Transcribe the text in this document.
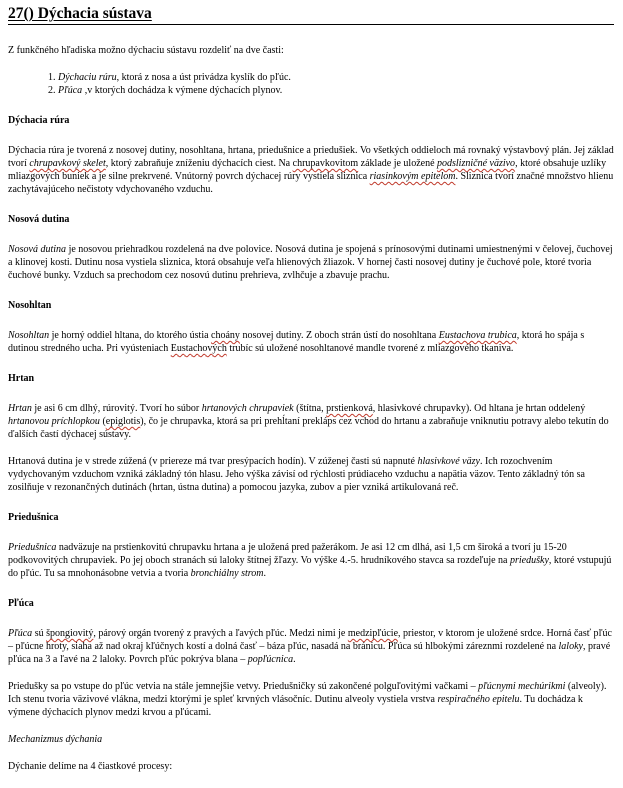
27() Dýchacia sústava

Z funkčného hľadiska možno dýchaciu sústavu rozdeliť na dve časti:

1. Dýchaciu rúru, ktorá z nosa a úst privádza kyslík do pľúc.
2. Pľúca ,v ktorých dochádza k výmene dýchacích plynov.
Dýchacia rúra

Dýchacia rúra je tvorená z nosovej dutiny, nosohltana, hrtana, priedušnice a priedušiek. Vo všetkých oddieloch má rovnaký výstavbový plán. Jej základ tvorí chrupavkový skelet, ktorý zabraňuje zníženiu dýchacích ciest. Na chrupavkovitom základe je uložené podslizničné väzivo, ktoré obsahuje uzlíky mliazgových buniek a je silne prekrvené. Vnútorný povrch dýchacej rúry vystiela sliznica riasinkovým epitelom. Sliznica tvorí značné množstvo hlienu zachytávajúceho nečistoty vdychovaného vzduchu.

Nosová dutina

Nosová dutina je nosovou priehradkou rozdelená na dve polovice. Nosová dutina je spojená s prínosovými dutinami umiestnenými v čelovej, čuchovej a klinovej kosti. Dutinu nosa vystiela sliznica, ktorá obsahuje veľa hlienových žliazok. V hornej časti nosovej dutiny je čuchové pole, ktoré tvoria čuchové bunky. Vzduch sa prechodom cez nosovú dutinu prehrieva, zvlhčuje a zbavuje prachu.

Nosohltan

Nosohltan je horný oddiel hltana, do ktorého ústia choány nosovej dutiny. Z oboch strán ústí do nosohltana Eustachova trubica, ktorá ho spája s dutinou stredného ucha. Pri vyústeniach Eustachových trubíc sú uložené nosohltanové mandle tvorené z mliazgového tkaniva.

Hrtan

Hrtan je asi 6 cm dlhý, rúrovitý. Tvorí ho súbor hrtanových chrupaviek (štítna, prstienková, hlasivkové chrupavky). Od hltana je hrtan oddelený hrtanovou príchlopkou (epiglotis), čo je chrupavka, ktorá sa pri prehĺtaní prekláps cez vchod do hrtanu a zabraňuje vniknutiu potravy alebo tekutín do ďalších častí dýchacej sústavy.

Hrtanová dutina je v strede zúžená (v priereze má tvar presýpacích hodín). V zúženej časti sú napnuté hlasivkové väzy. Ich rozochvením vydychovaným vzduchom vzniká základný tón hlasu. Jeho výška závisí od rýchlosti prúdiaceho vzduchu a napätia väzov. Tento základný tón sa zosilňuje v rezonančných dutinách (hrtan, ústna dutina) a pomocou jazyka, zubov a pier vzniká artikulovaná reč.

Priedušnica

Priedušnica nadväzuje na prstienkovitú chrupavku hrtana a je uložená pred pažerákom. Je asi 12 cm dlhá, asi 1,5 cm široká a tvorí ju 15-20 podkovovitých chrupaviek. Po jej oboch stranách sú laloky štítnej žľazy. Vo výške 4.-5. hrudníkového stavca sa rozdeľuje na priedušky, ktoré vstupujú do pľúc. Tu sa mnohonásobne vetvia a tvoria bronchiálny strom.

Pľúca

Pľúca sú špongiovitý, párový orgán tvorený z pravých a ľavých pľúc. Medzi nimi je medzipľúcie, priestor, v ktorom je uložené srdce. Horná časť pľúc – pľúcne hroty, siaha až nad okraj kľúčnych kostí a dolná časť – báza pľúc, nasadá na bránicu. Pľúca sú hlbokými záreznmi rozdelené na laloky, pravé pľúca na 3 a ľavé na 2 laloky. Povrch pľúc pokrýva blana – popľúcnica.

Priedušky sa po vstupe do pľúc vetvia na stále jemnejšie vetvy. Priedušničky sú zakončené polguľovitými vačkami – pľúcnymi mechúrikmi (alveoly). Ich stenu tvoria väzivové vlákna, medzi ktorými je spleť krvných vlásočníc. Dutinu alveoly vystiela vrstva respiračného epitelu. Tu dochádza k výmene dýchacích plynov medzi krvou a pľúcami.

Mechanizmus dýchania

Dýchanie delíme na 4 čiastkové procesy:
